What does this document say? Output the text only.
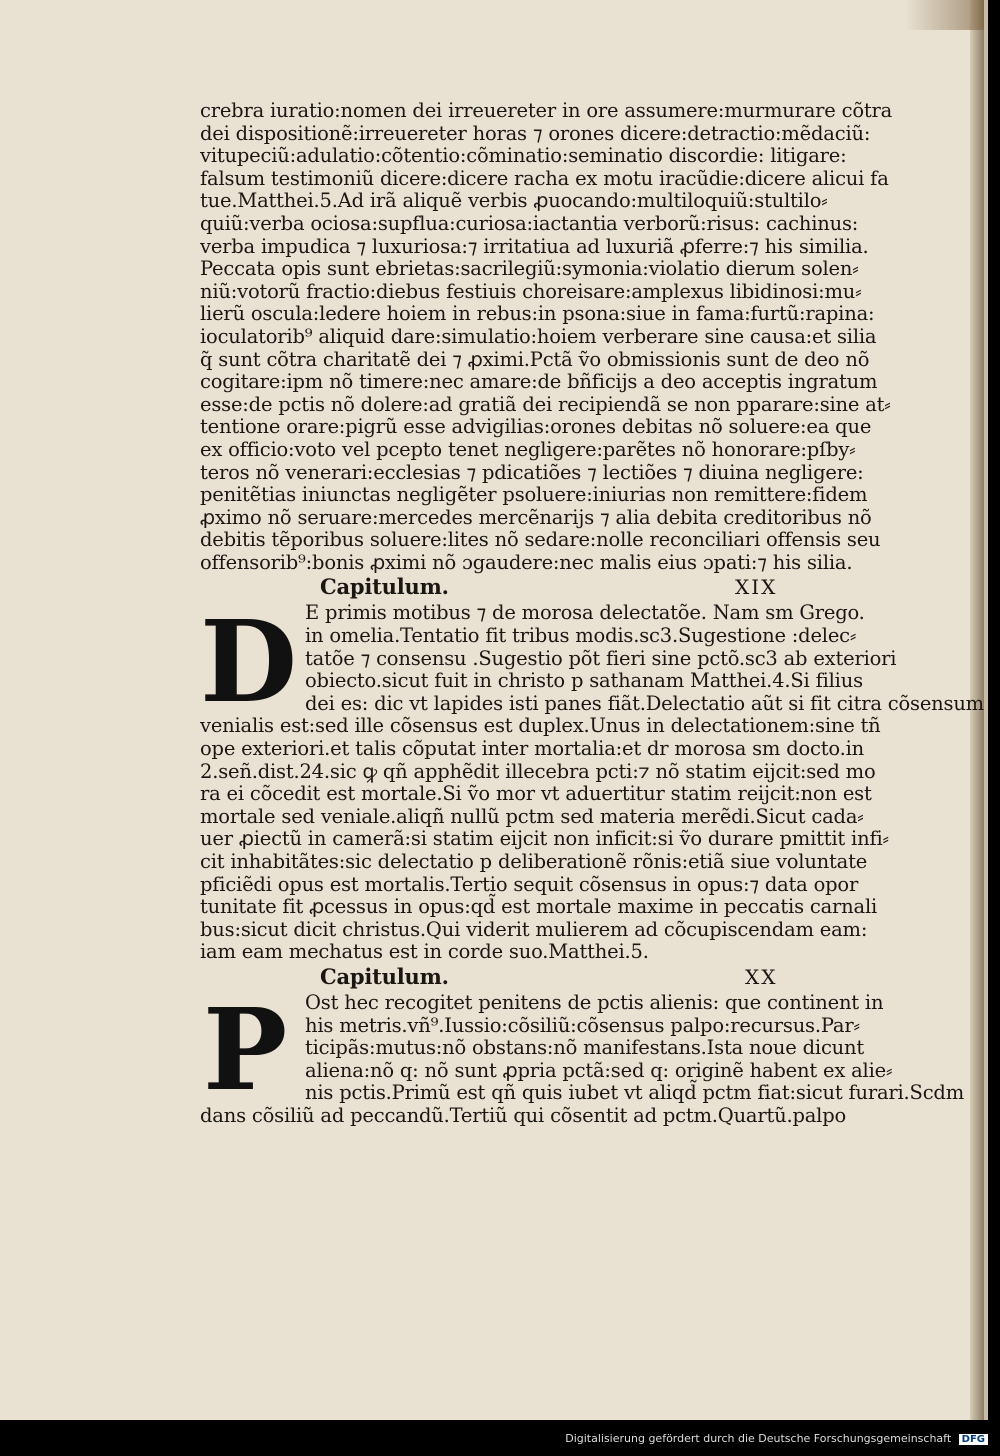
crebra iuratio:nomen dei irreuereter in ore assumere:murmurare cõtra
dei dispositionẽ:irreuereter horas ⁊ orones dicere:detractio:mẽdaciũ:
vitupeciũ:adulatio:cõtentio:cõminatio:seminatio discordie: litigare:
falsum testimoniũ dicere:dicere racha ex motu iracũdie:dicere alicui fa
tue.Matthei.5.Ad irã aliquẽ verbis ꝓuocando:multiloquiũ:stultilo⸗
quiũ:verba ociosa:supflua:curiosa:iactantia verborũ:risus: cachinus:
verba impudica ⁊ luxuriosa:⁊ irritatiua ad luxuriã ꝓferre:⁊ his similia.
Peccata opis sunt ebrietas:sacrilegiũ:symonia:violatio dierum solen⸗
niũ:votorũ fractio:diebus festiuis choreisare:amplexus libidinosi:mu⸗
lierũ oscula:ledere hoiem in rebus:in psona:siue in fama:furtũ:rapina:
ioculatorib⁹ aliquid dare:simulatio:hoiem verberare sine causa:et silia
q̃ sunt cõtra charitatẽ dei ⁊ ꝓximi.Pctã ṽo obmissionis sunt de deo nõ
cogitare:ipm nõ timere:nec amare:de bñficijs a deo acceptis ingratum
esse:de pctis nõ dolere:ad gratiã dei recipiendã se non pparare:sine at⸗
tentione orare:pigrũ esse advigilias:orones debitas nõ soluere:ea que
ex officio:voto vel pcepto tenet negligere:parẽtes nõ honorare:pſby⸗
teros nõ venerari:ecclesias ⁊ pdicatiões ⁊ lectiões ⁊ diuina negligere:
penitẽtias iniunctas negligẽter psoluere:iniurias non remittere:fidem
ꝓximo nõ seruare:mercedes mercẽnarijs ⁊ alia debita creditoribus nõ
debitis tẽporibus soluere:lites nõ sedare:nolle reconciliari offensis seu
offensorib⁹:bonis ꝓximi nõ ɔgaudere:nec malis eius ɔpati:⁊ his silia.
Capitulum.	XIX
D E primis motibus ⁊ de morosa delectatõe. Nam sm Grego.
in omelia.Tentatio fit tribus modis.sc3.Sugestione :delec⸗
tatõe ⁊ consensu .Sugestio põt fieri sine pctõ.sc3 ab exteriori
obiecto.sicut fuit in christo p sathanam Matthei.4.Si filius
dei es: dic vt lapides isti panes fiãt.Delectatio aũt si fit citra cõsensum
venialis est:sed ille cõsensus est duplex.Unus in delectationem:sine tñ
ope exteriori.et talis cõputat inter mortalia:et dr morosa sm docto.in
2.señ.dist.24.sic ꝙ qñ apphẽdit illecebra pcti:⁊ nõ statim eijcit:sed mo
ra ei cõcedit est mortale.Si ṽo mor vt aduertitur statim reijcit:non est
mortale sed veniale.aliqñ nullũ pctm sed materia merẽdi.Sicut cada⸗
uer ꝓiectũ in camerã:si statim eijcit non inficit:si ṽo durare pmittit infi⸗
cit inhabitãtes:sic delectatio p deliberationẽ rõnis:etiã siue voluntate
pficiẽdi opus est mortalis.Tertio sequit cõsensus in opus:⁊ data opor
tunitate fit ꝓcessus in opus:qd̃ est mortale maxime in peccatis carnali
bus:sicut dicit christus.Qui viderit mulierem ad cõcupiscendam eam:
iam eam mechatus est in corde suo.Matthei.5.
Capitulum.	XX
P Ost hec recogitet penitens de pctis alienis: que continent in
his metris.vñ⁹.Iussio:cõsiliũ:cõsensus palpo:recursus.Par⸗
ticipãs:mutus:nõ obstans:nõ manifestans.Ista noue dicunt
aliena:nõ q: nõ sunt ꝓpria pctã:sed q: originẽ habent ex alie⸗
nis pctis.Primũ est qñ quis iubet vt aliqd̃ pctm fiat:sicut furari.Scdm
dans cõsiliũ ad peccandũ.Tertiũ qui cõsentit ad pctm.Quartũ.palpo
Digitalisierung gefördert durch die Deutsche Forschungsgemeinschaft DFG
